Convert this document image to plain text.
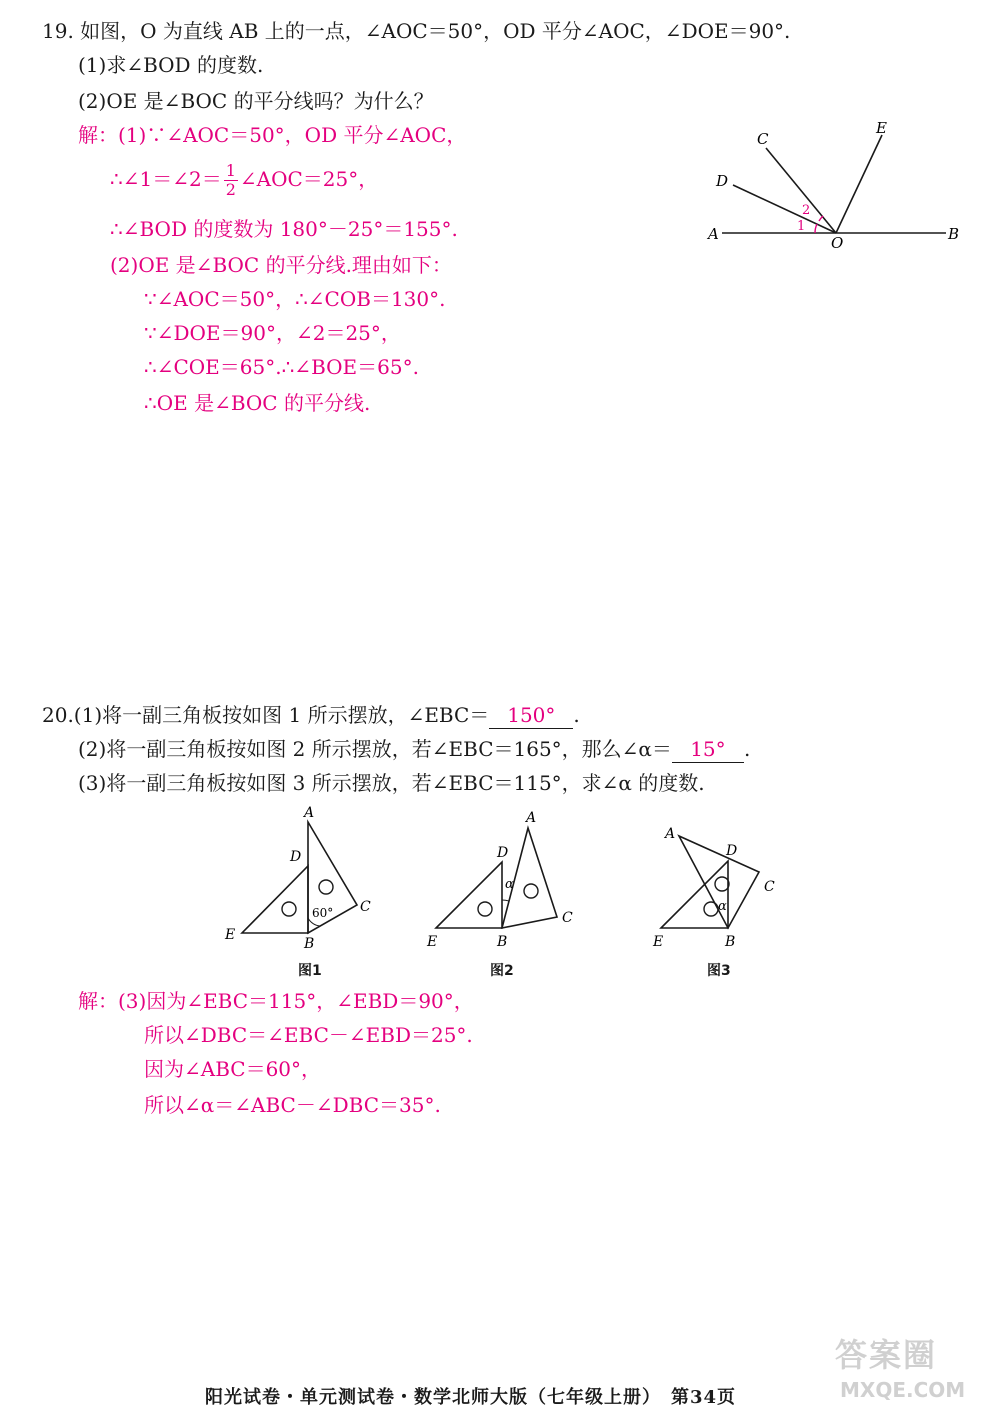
19. 如图，O 为直线 AB 上的一点，∠AOC＝50°，OD 平分∠AOC，∠DOE＝90°.
(1)求∠BOD 的度数.
(2)OE 是∠BOC 的平分线吗？为什么？
解：(1)∵∠AOC＝50°，OD 平分∠AOC，
∴∠1＝∠2＝ $\frac{1}{2}$ ∠AOC＝25°，
∴∠BOD 的度数为 180°－25°＝155°.
(2)OE 是∠BOC 的平分线.理由如下：
∵∠AOC＝50°，∴∠COB＝130°.
∵∠DOE＝90°，∠2＝25°，
∴∠COE＝65°.∴∠BOE＝65°.
∴OE 是∠BOC 的平分线.
A	B
O
C
D
E
1
2
20.(1)将一副三角板按如图 1 所示摆放，∠EBC＝ 150° .
(2)将一副三角板按如图 2 所示摆放，若∠EBC＝165°，那么∠α＝ 15° .
(3)将一副三角板按如图 3 所示摆放，若∠EBC＝115°，求∠α 的度数.
A
D
C
E
B
60°
图1
A
D
C
E	B
α
图2
A
D
C
E	B
α
图3
解：(3)因为∠EBC＝115°，∠EBD＝90°，
所以∠DBC＝∠EBC－∠EBD＝25°.
因为∠ABC＝60°，
所以∠α＝∠ABC－∠DBC＝35°.
阳光试卷・单元测试卷・数学北师大版（七年级上册）　第34页
答案圈
MXQE.COM
